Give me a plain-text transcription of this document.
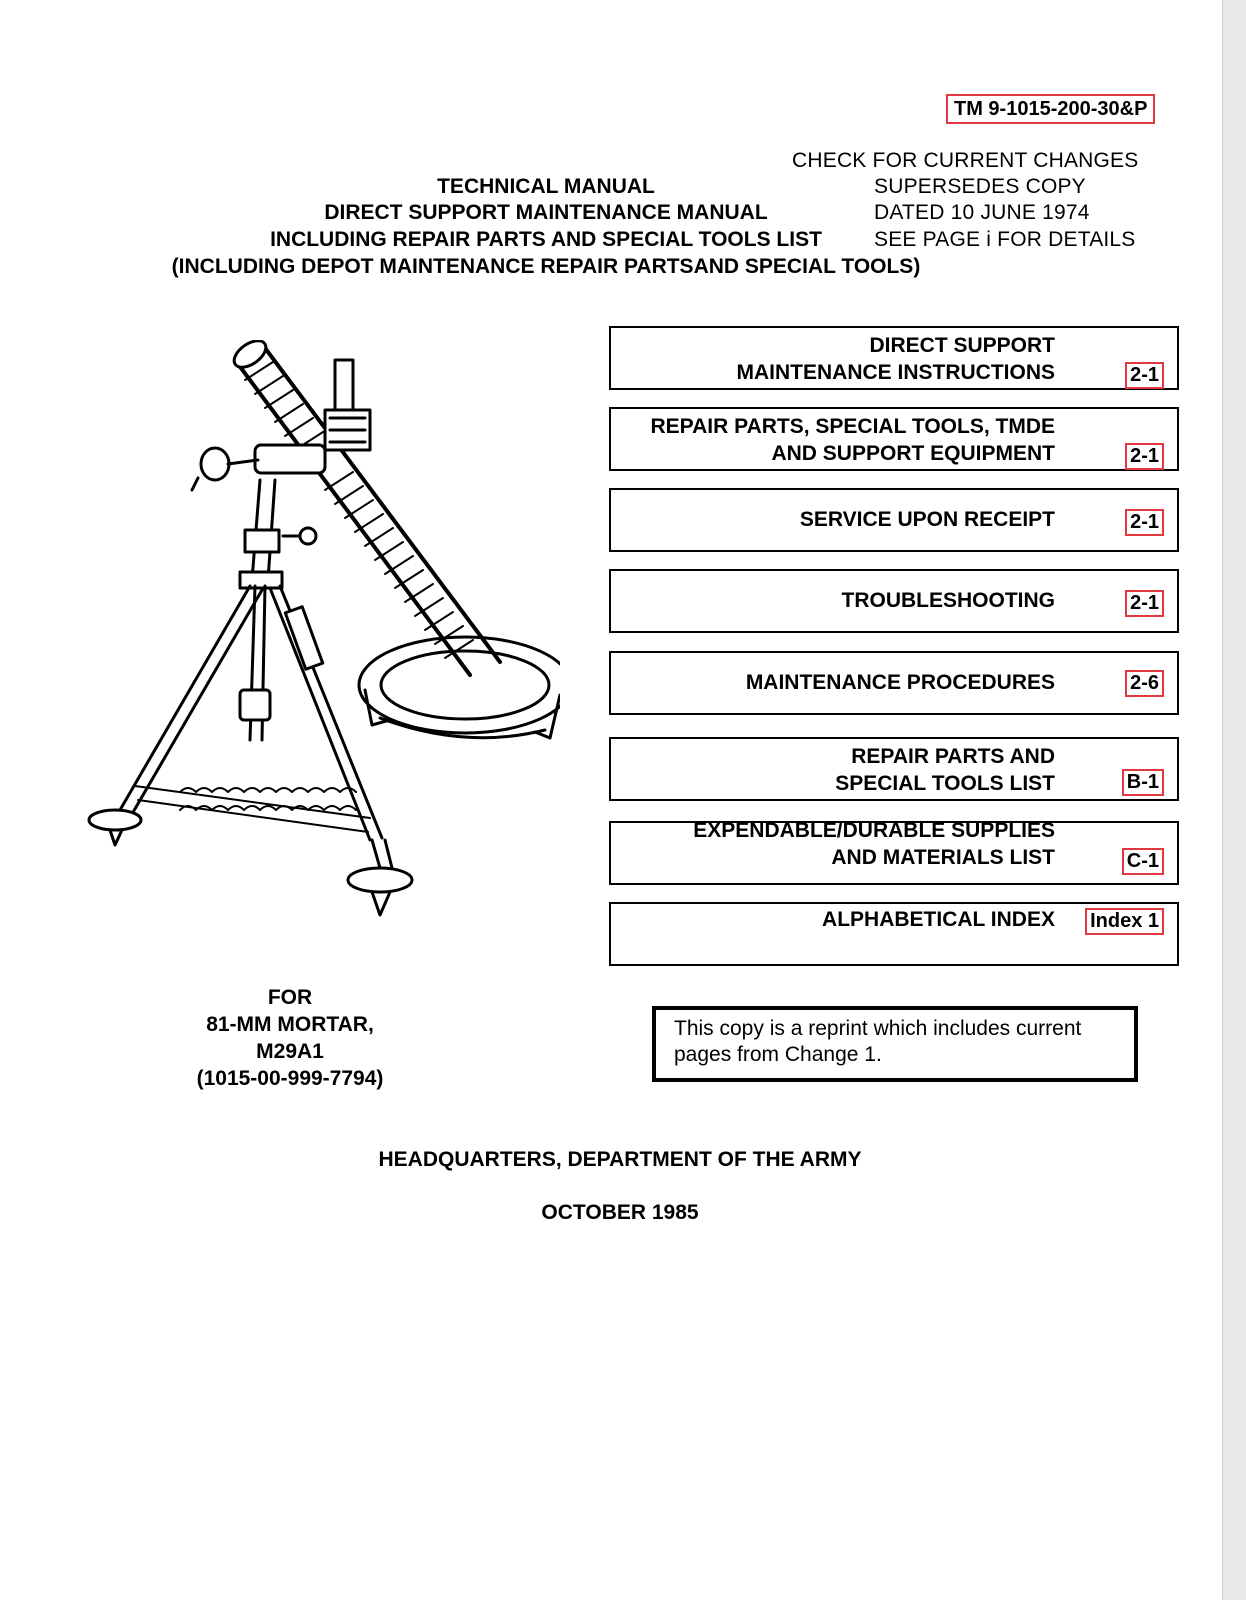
TM 9-1015-200-30&P
CHECK FOR CURRENT CHANGES
SUPERSEDES COPY
DATED 10 JUNE 1974
SEE PAGE i FOR DETAILS
TECHNICAL MANUAL
DIRECT SUPPORT MAINTENANCE MANUAL
INCLUDING REPAIR PARTS AND SPECIAL TOOLS LIST
(INCLUDING DEPOT MAINTENANCE REPAIR PARTSAND SPECIAL TOOLS)
DIRECT SUPPORT
MAINTENANCE INSTRUCTIONS	2-1
REPAIR PARTS, SPECIAL TOOLS, TMDE
AND SUPPORT EQUIPMENT	2-1
SERVICE UPON RECEIPT	2-1
TROUBLESHOOTING	2-1
MAINTENANCE PROCEDURES	2-6
REPAIR PARTS AND
SPECIAL TOOLS LIST	B-1
EXPENDABLE/DURABLE SUPPLIES
AND MATERIALS LIST	C-1
ALPHABETICAL INDEX Index 1
FOR
81-MM MORTAR,
M29A1
(1015-00-999-7794)
This copy is a reprint which includes current
pages from Change 1.
HEADQUARTERS, DEPARTMENT OF THE ARMY
OCTOBER 1985
